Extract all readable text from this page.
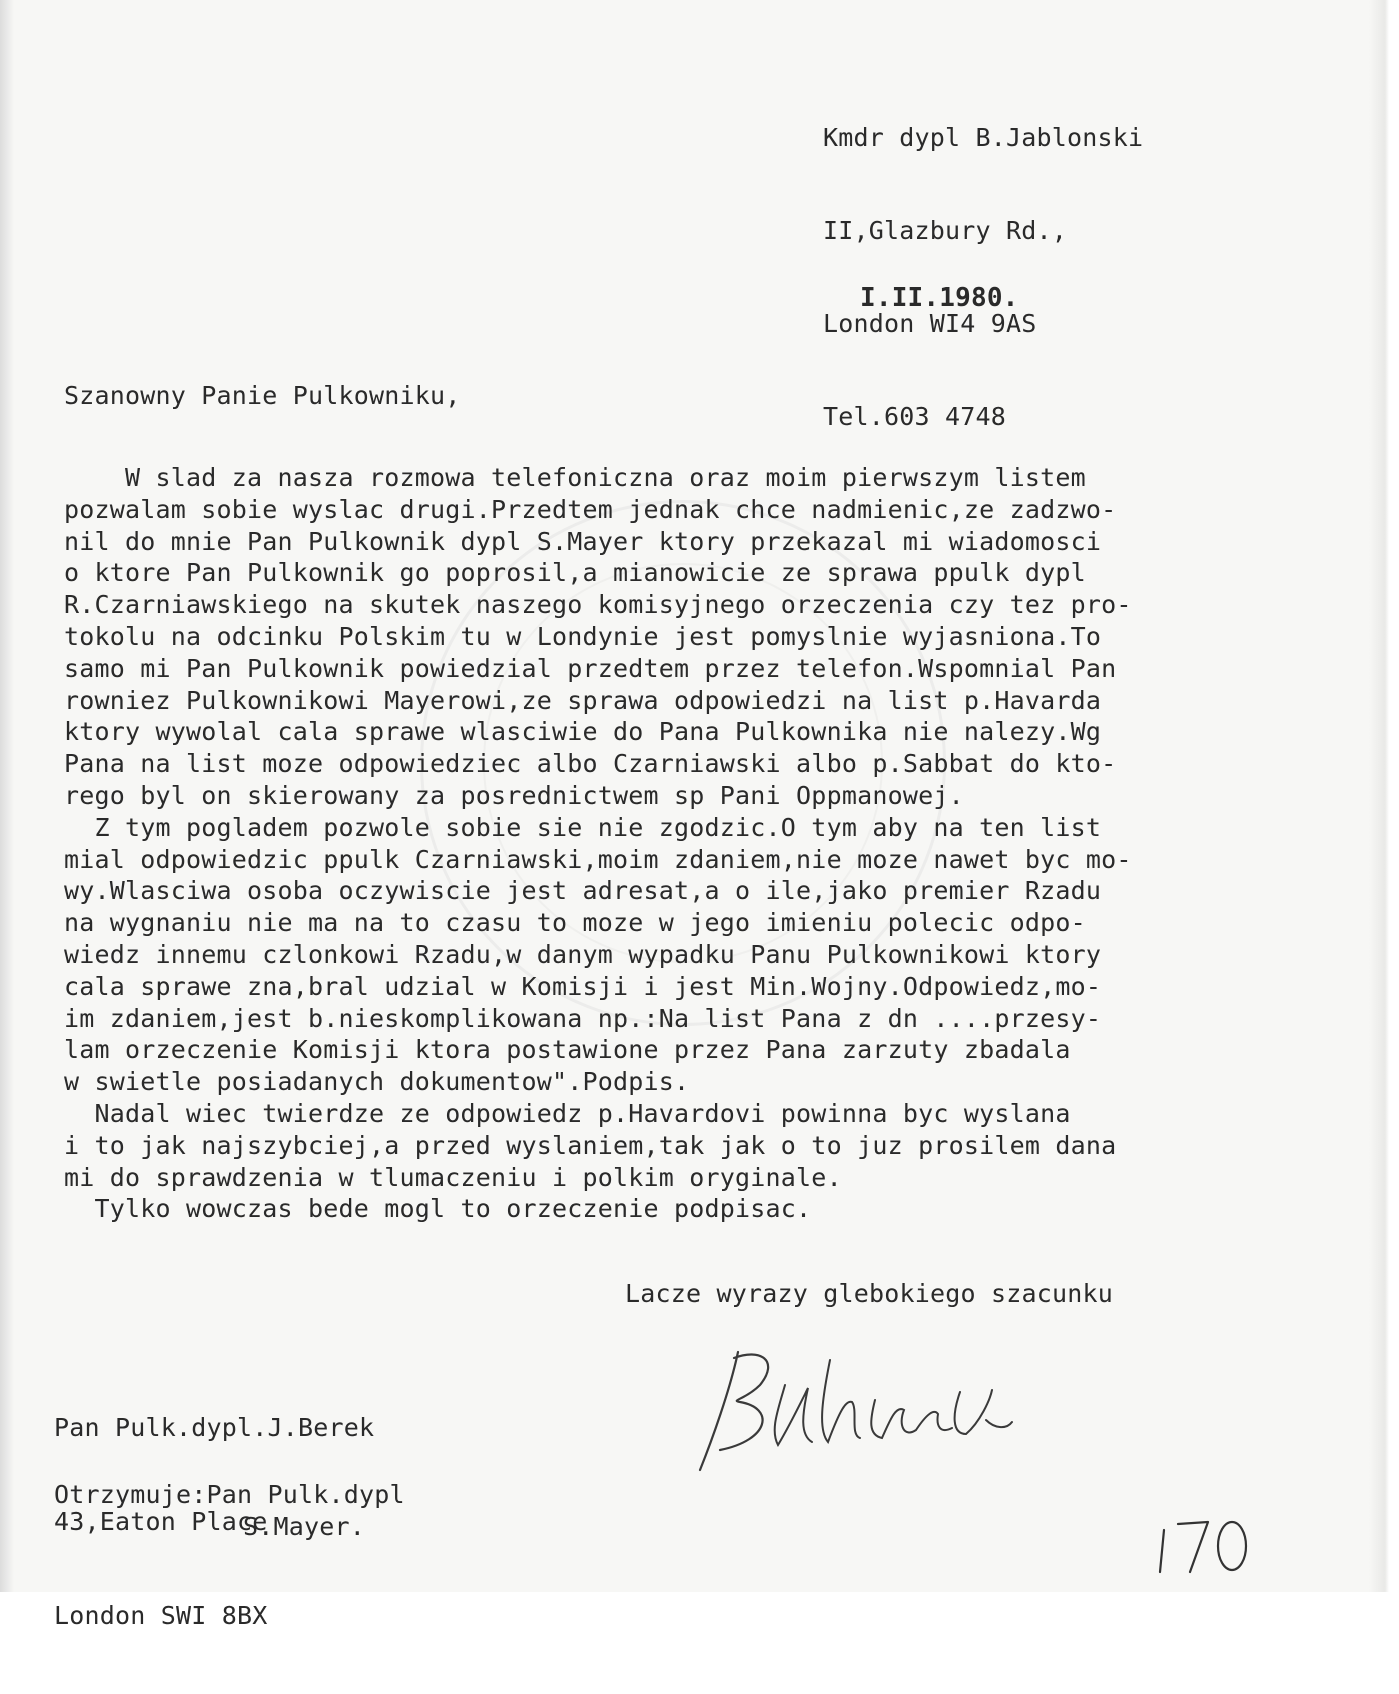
Kmdr dypl B.Jablonski

II,Glazbury Rd.,

London WI4 9AS

Tel.603 4748

I.II.1980.
Szanowny Panie Pulkowniku,
W slad za nasza rozmowa telefoniczna oraz moim pierwszym listem
pozwalam sobie wyslac drugi.Przedtem jednak chce nadmienic,ze zadzwo-
nil do mnie Pan Pulkownik dypl S.Mayer ktory przekazal mi wiadomosci
o ktore Pan Pulkownik go poprosil,a mianowicie ze sprawa ppulk dypl
R.Czarniawskiego na skutek naszego komisyjnego orzeczenia czy tez pro-
tokolu na odcinku Polskim tu w Londynie jest pomyslnie wyjasniona.To
samo mi Pan Pulkownik powiedzial przedtem przez telefon.Wspomnial Pan
rowniez Pulkownikowi Mayerowi,ze sprawa odpowiedzi na list p.Havarda
ktory wywolal cala sprawe wlasciwie do Pana Pulkownika nie nalezy.Wg
Pana na list moze odpowiedziec albo Czarniawski albo p.Sabbat do kto-
rego byl on skierowany za posrednictwem sp Pani Oppmanowej.
Z tym pogladem pozwole sobie sie nie zgodzic.O tym aby na ten list
mial odpowiedzic ppulk Czarniawski,moim zdaniem,nie moze nawet byc mo-
wy.Wlasciwa osoba oczywiscie jest adresat,a o ile,jako premier Rzadu
na wygnaniu nie ma na to czasu to moze w jego imieniu polecic odpo-
wiedz innemu czlonkowi Rzadu,w danym wypadku Panu Pulkownikowi ktory
cala sprawe zna,bral udzial w Komisji i jest Min.Wojny.Odpowiedz,mo-
im zdaniem,jest b.nieskomplikowana np.:Na list Pana z dn ....przesy-
lam orzeczenie Komisji ktora postawione przez Pana zarzuty zbadala
w swietle posiadanych dokumentow".Podpis.
Nadal wiec twierdze ze odpowiedz p.Havardovi powinna byc wyslana
i to jak najszybciej,a przed wyslaniem,tak jak o to juz prosilem dana
mi do sprawdzenia w tlumaczeniu i polkim oryginale.
Tylko wowczas bede mogl to orzeczenie podpisac.
Lacze wyrazy glebokiego szacunku

Pan Pulk.dypl.J.Berek

43,Eaton Place

London SWI 8BX

Otrzymuje:Pan Pulk.dypl
S.Mayer.
